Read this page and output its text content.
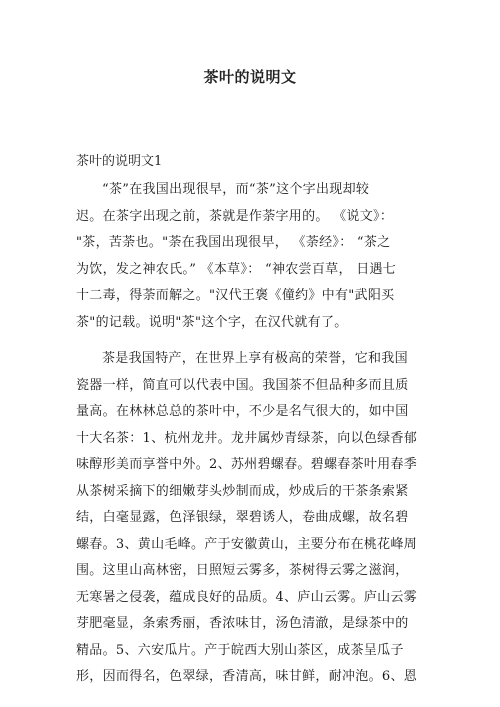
茶叶的说明文
茶叶的说明文1

“茶”在我国出现很早，而“茶”这个字出现却较
迟。在茶字出现之前，茶就是作荼字用的。 《说文》：
"茶，苦荼也。"荼在我国出现很早， 《荼经》： “茶之
为饮，发之神农氏。” 《本草》： “神农尝百草， 日遇七
十二毒，得荼而解之。"汉代王褒《僮约》中有"武阳买
茶"的记载。说明"茶"这个字，在汉代就有了。

茶是我国特产，在世界上享有极高的荣誉，它和我国
瓷器一样，简直可以代表中国。我国茶不但品种多而且质
量高。在林林总总的茶叶中，不少是名气很大的，如中国
十大名茶：1、杭州龙井。龙井属炒青绿茶，向以色绿香郁
味醇形美而享誉中外。2、苏州碧螺春。碧螺春茶叶用春季
从茶树采摘下的细嫩芽头炒制而成，炒成后的干茶条索紧
结，白毫显露，色泽银绿，翠碧诱人，卷曲成螺，故名碧
螺春。3、黄山毛峰。产于安徽黄山，主要分布在桃花峰周
围。这里山高林密，日照短云雾多，茶树得云雾之滋润，
无寒暑之侵袭，蕴成良好的品质。4、庐山云雾。庐山云雾
芽肥毫显，条索秀丽，香浓味甘，汤色清澈，是绿茶中的
精品。5、六安瓜片。产于皖西大别山茶区，成茶呈瓜子
形，因而得名，色翠绿，香清高，味甘鲜，耐冲泡。6、恩
